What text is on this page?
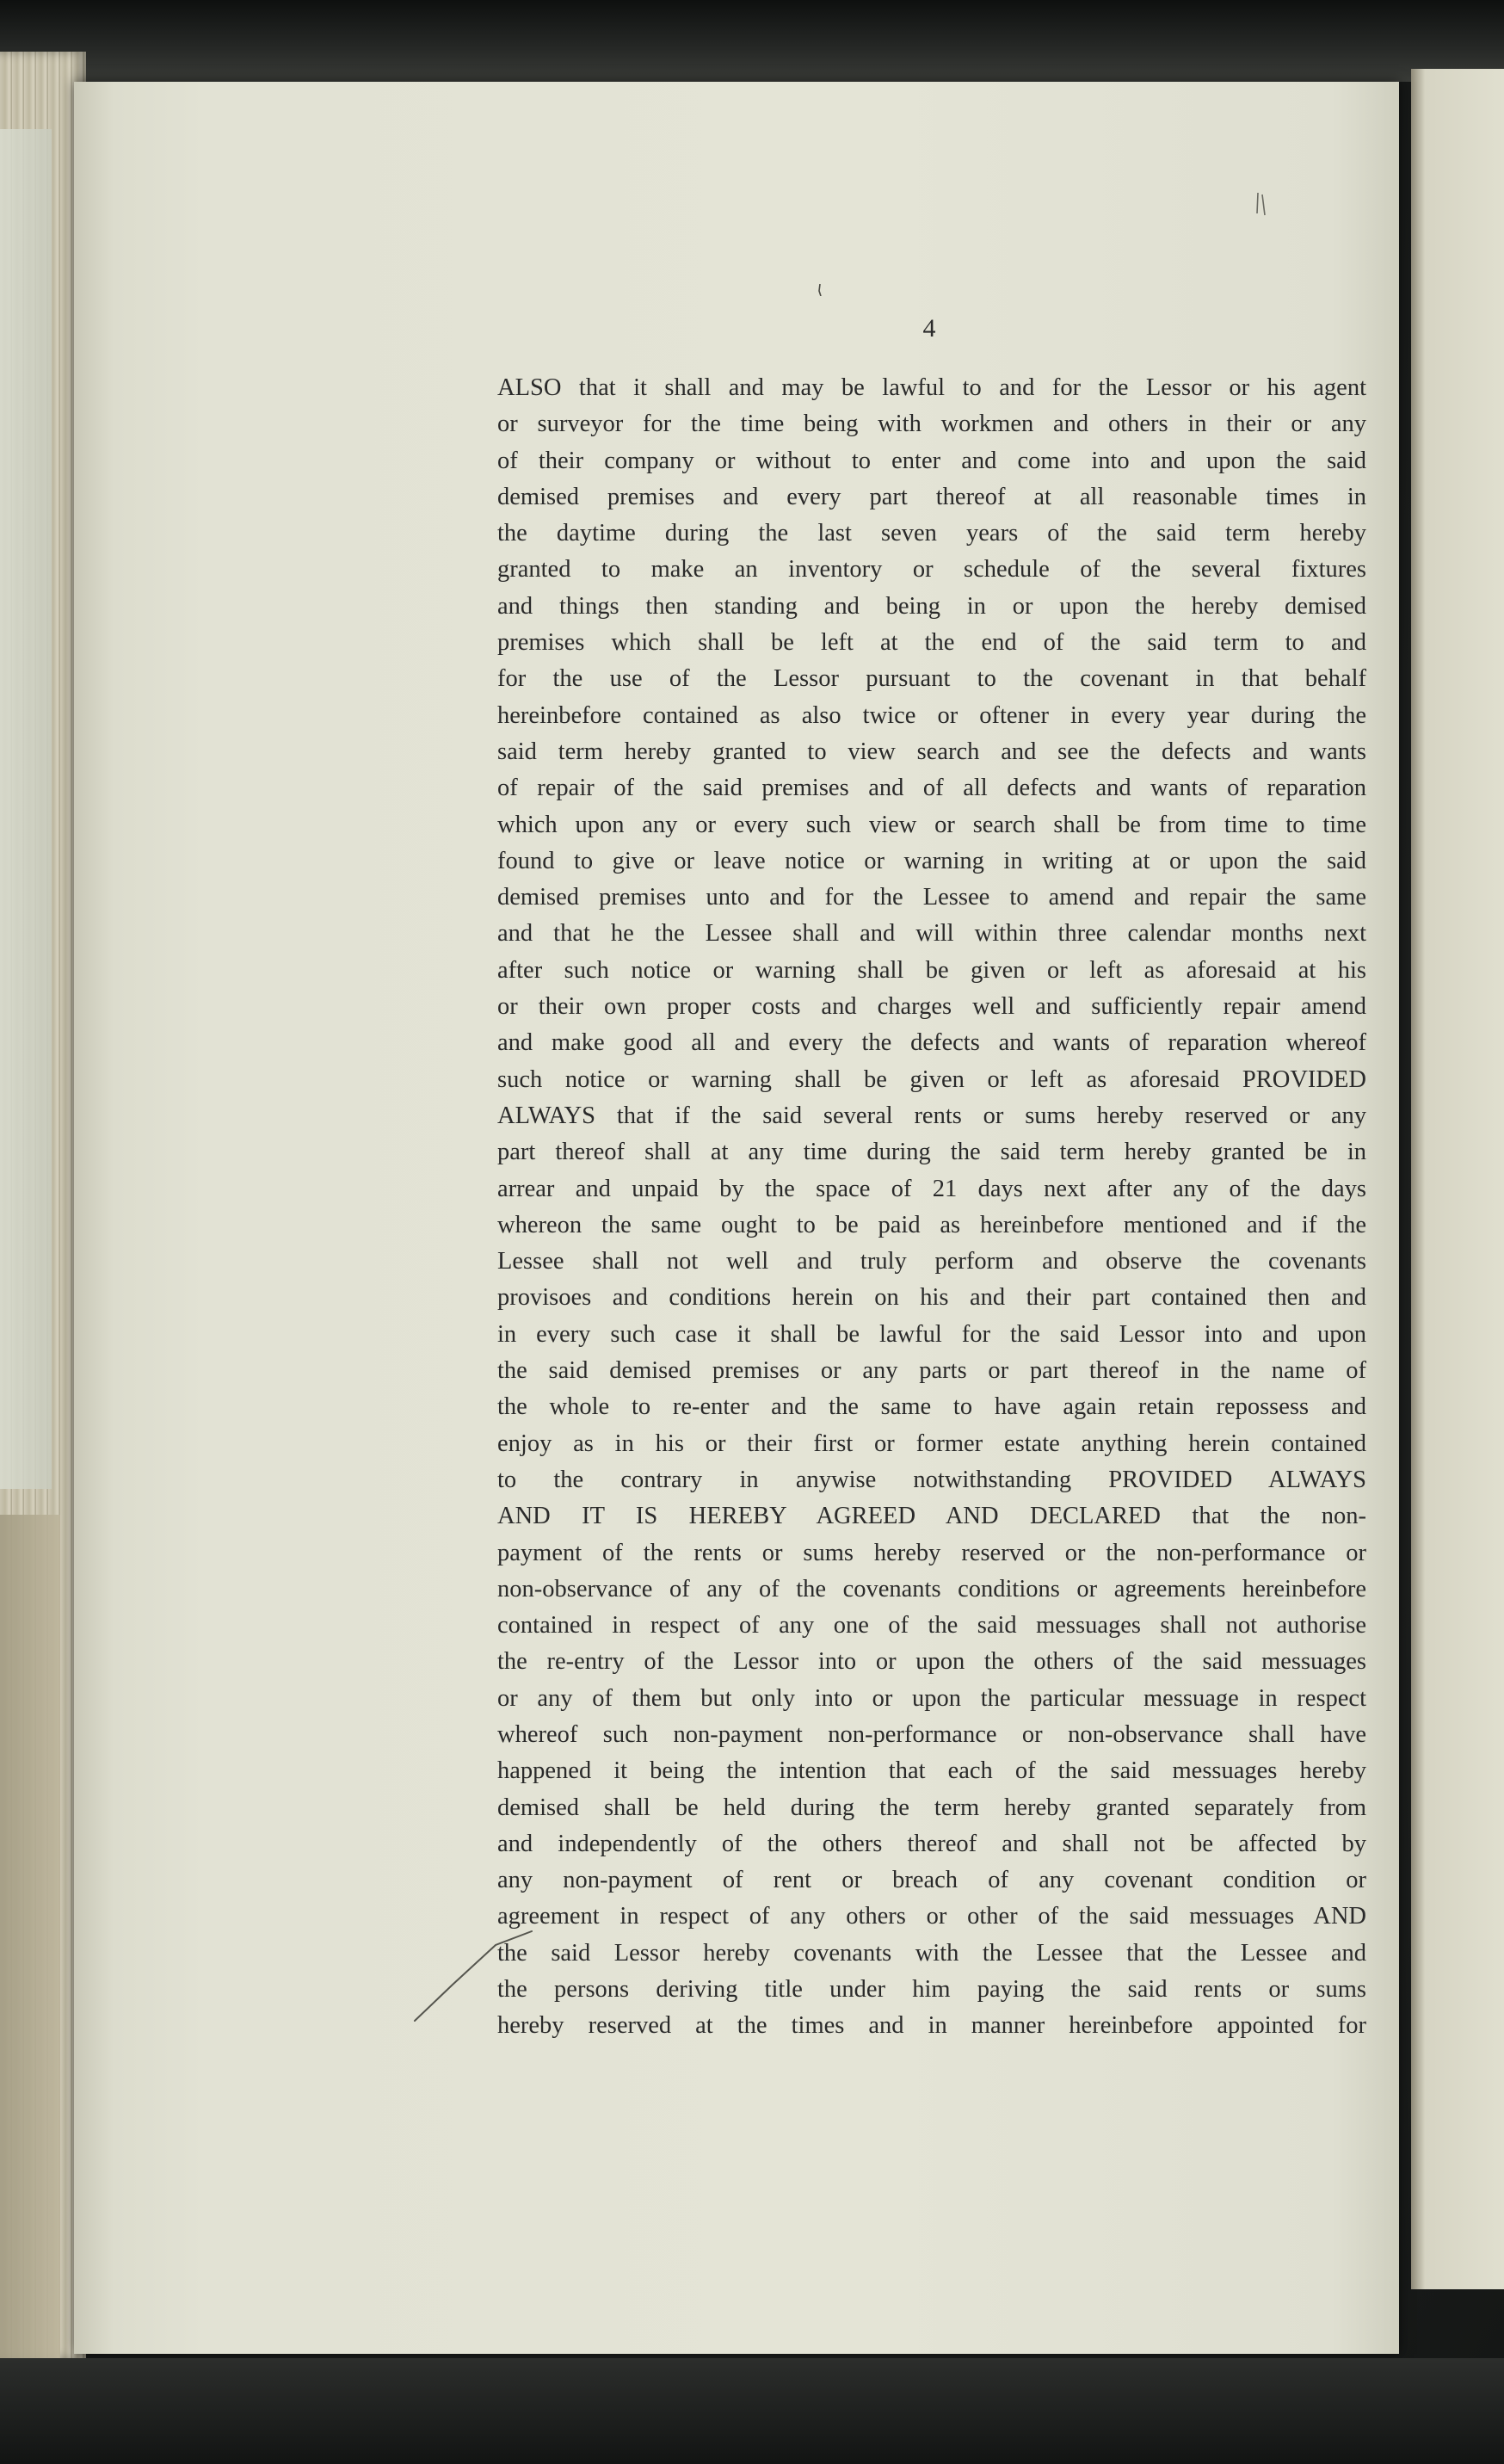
4
ALSO that it shall and may be lawful to and for the Lessor or his agent
or surveyor for the time being with workmen and others in their or any
of their company or without to enter and come into and upon the said
demised premises and every part thereof at all reasonable times in
the daytime during the last seven years of the said term hereby
granted to make an inventory or schedule of the several fixtures
and things then standing and being in or upon the hereby demised
premises which shall be left at the end of the said term to and
for the use of the Lessor pursuant to the covenant in that behalf
hereinbefore contained as also twice or oftener in every year during the
said term hereby granted to view search and see the defects and wants
of repair of the said premises and of all defects and wants of reparation
which upon any or every such view or search shall be from time to time
found to give or leave notice or warning in writing at or upon the said
demised premises unto and for the Lessee to amend and repair the same
and that he the Lessee shall and will within three calendar months next
after such notice or warning shall be given or left as aforesaid at his
or their own proper costs and charges well and sufficiently repair amend
and make good all and every the defects and wants of reparation whereof
such notice or warning shall be given or left as aforesaid PROVIDED
ALWAYS that if the said several rents or sums hereby reserved or any
part thereof shall at any time during the said term hereby granted be in
arrear and unpaid by the space of 21 days next after any of the days
whereon the same ought to be paid as hereinbefore mentioned and if the
Lessee shall not well and truly perform and observe the covenants
provisoes and conditions herein on his and their part contained then and
in every such case it shall be lawful for the said Lessor into and upon
the said demised premises or any parts or part thereof in the name of
the whole to re-enter and the same to have again retain repossess and
enjoy as in his or their first or former estate anything herein contained
to the contrary in anywise notwithstanding PROVIDED ALWAYS
AND IT IS HEREBY AGREED AND DECLARED that the non-
payment of the rents or sums hereby reserved or the non-performance or
non-observance of any of the covenants conditions or agreements hereinbefore
contained in respect of any one of the said messuages shall not authorise
the re-entry of the Lessor into or upon the others of the said messuages
or any of them but only into or upon the particular messuage in respect
whereof such non-payment non-performance or non-observance shall have
happened it being the intention that each of the said messuages hereby
demised shall be held during the term hereby granted separately from
and independently of the others thereof and shall not be affected by
any non-payment of rent or breach of any covenant condition or
agreement in respect of any others or other of the said messuages AND
the said Lessor hereby covenants with the Lessee that the Lessee and
the persons deriving title under him paying the said rents or sums
hereby reserved at the times and in manner hereinbefore appointed for
